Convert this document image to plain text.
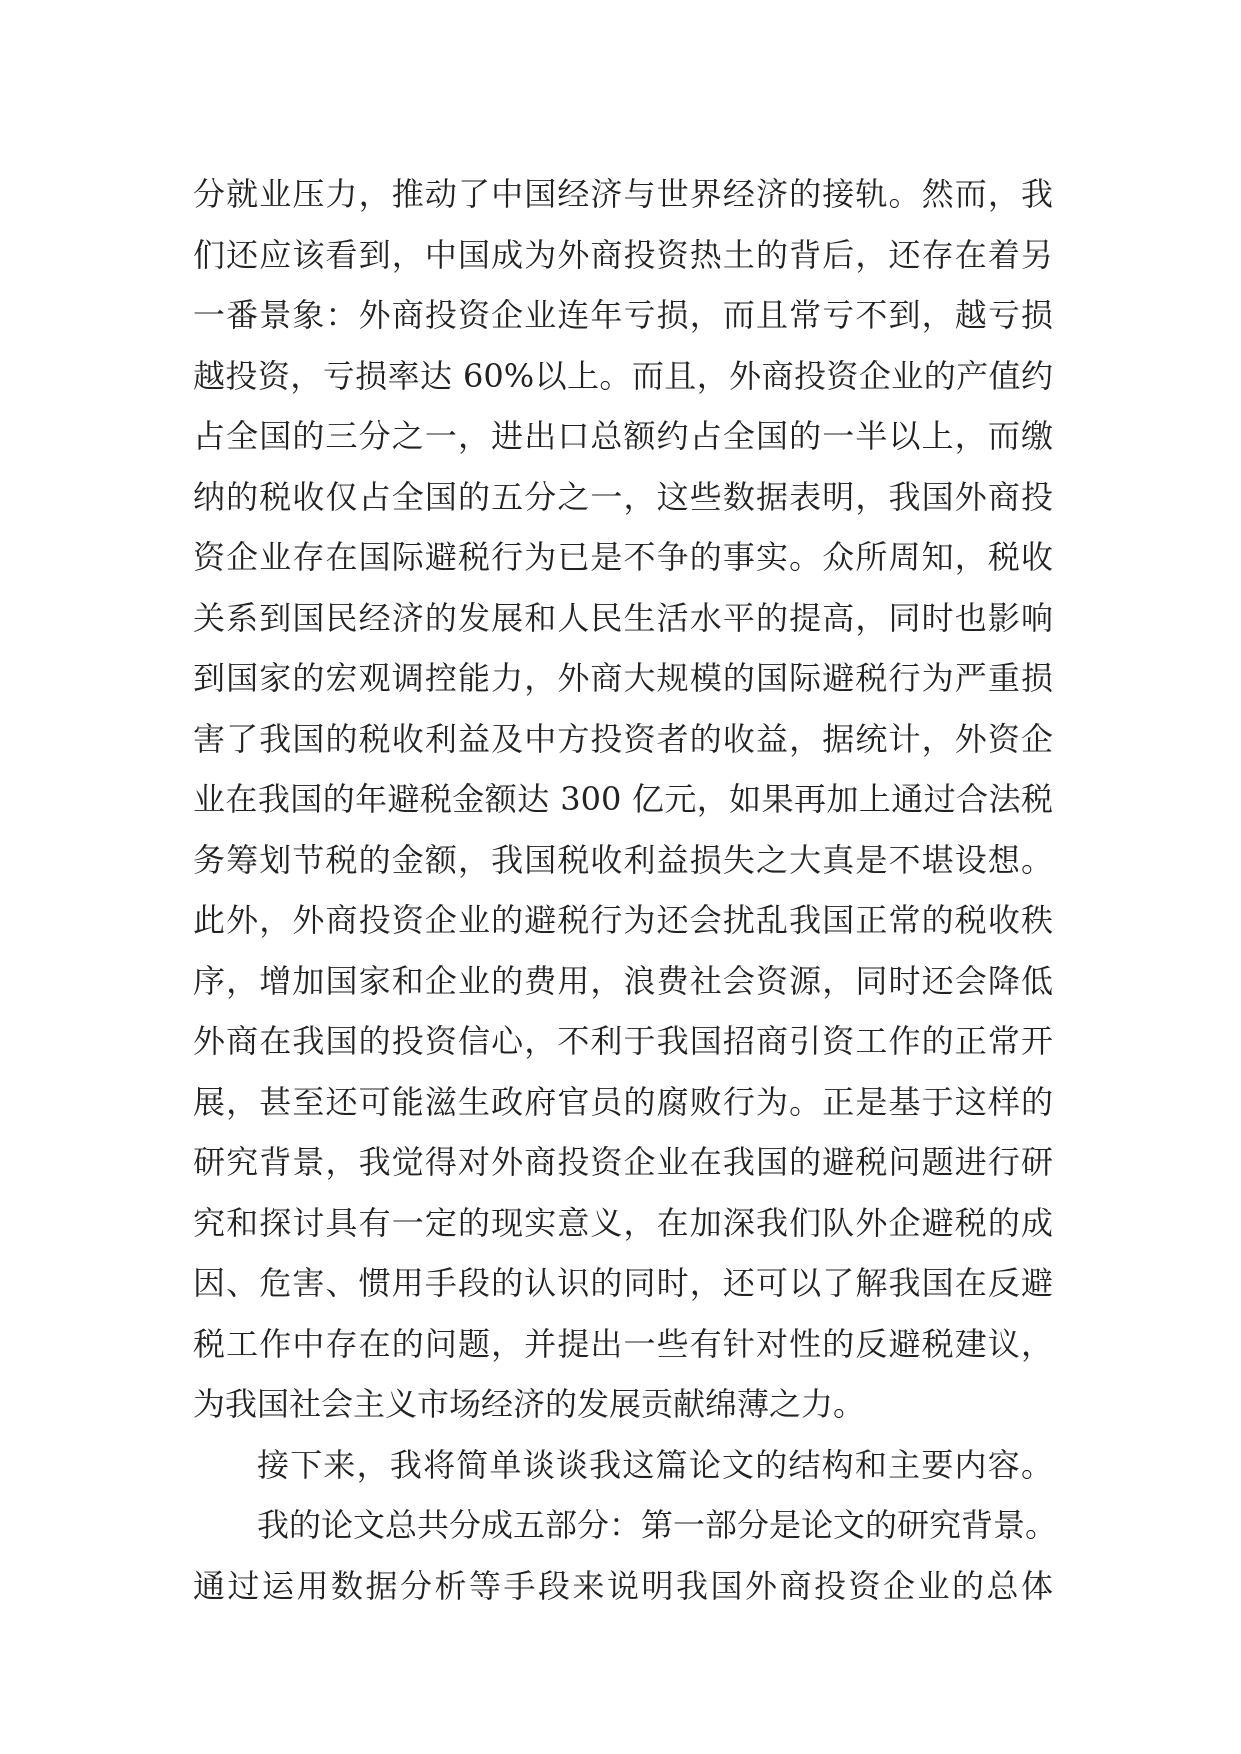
分就业压力，推动了中国经济与世界经济的接轨。然而，我
们还应该看到，中国成为外商投资热土的背后，还存在着另
一番景象：外商投资企业连年亏损，而且常亏不到，越亏损
越投资，亏损率达 60%以上。而且，外商投资企业的产值约
占全国的三分之一，进出口总额约占全国的一半以上，而缴
纳的税收仅占全国的五分之一，这些数据表明，我国外商投
资企业存在国际避税行为已是不争的事实。众所周知，税收
关系到国民经济的发展和人民生活水平的提高，同时也影响
到国家的宏观调控能力，外商大规模的国际避税行为严重损
害了我国的税收利益及中方投资者的收益，据统计，外资企
业在我国的年避税金额达 300 亿元，如果再加上通过合法税
务筹划节税的金额，我国税收利益损失之大真是不堪设想。
此外，外商投资企业的避税行为还会扰乱我国正常的税收秩
序，增加国家和企业的费用，浪费社会资源，同时还会降低
外商在我国的投资信心，不利于我国招商引资工作的正常开
展，甚至还可能滋生政府官员的腐败行为。正是基于这样的
研究背景，我觉得对外商投资企业在我国的避税问题进行研
究和探讨具有一定的现实意义，在加深我们队外企避税的成
因、危害、惯用手段的认识的同时，还可以了解我国在反避
税工作中存在的问题，并提出一些有针对性的反避税建议，
为我国社会主义市场经济的发展贡献绵薄之力。
接下来，我将简单谈谈我这篇论文的结构和主要内容。
我的论文总共分成五部分：第一部分是论文的研究背景。
通过运用数据分析等手段来说明我国外商投资企业的总体
